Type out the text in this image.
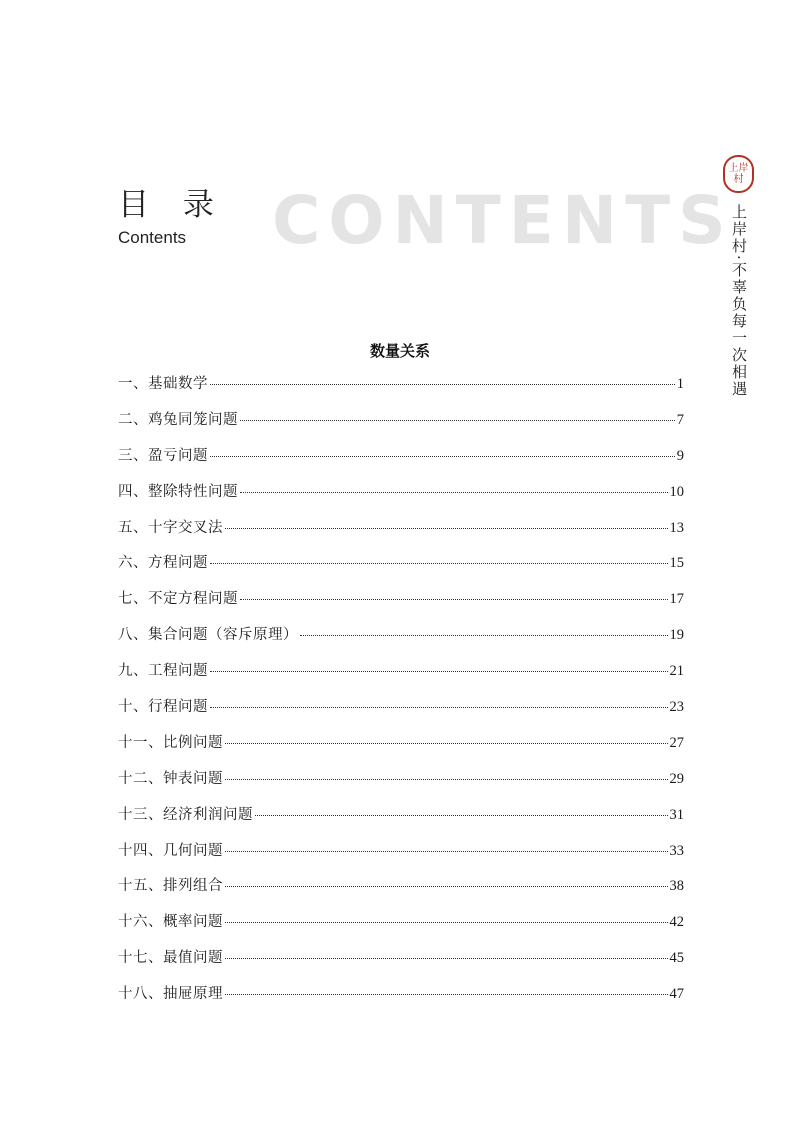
目 录
Contents CONTENTS
上岸
村
上岸村·不辜负每一次相遇
数量关系
一、基础数学	1
二、鸡兔同笼问题	7
三、盈亏问题	9
四、整除特性问题	10
五、十字交叉法	13
六、方程问题	15
七、不定方程问题	17
八、集合问题（容斥原理）	19
九、工程问题	21
十、行程问题	23
十一、比例问题	27
十二、钟表问题	29
十三、经济利润问题	31
十四、几何问题	33
十五、排列组合	38
十六、概率问题	42
十七、最值问题	45
十八、抽屉原理	47
